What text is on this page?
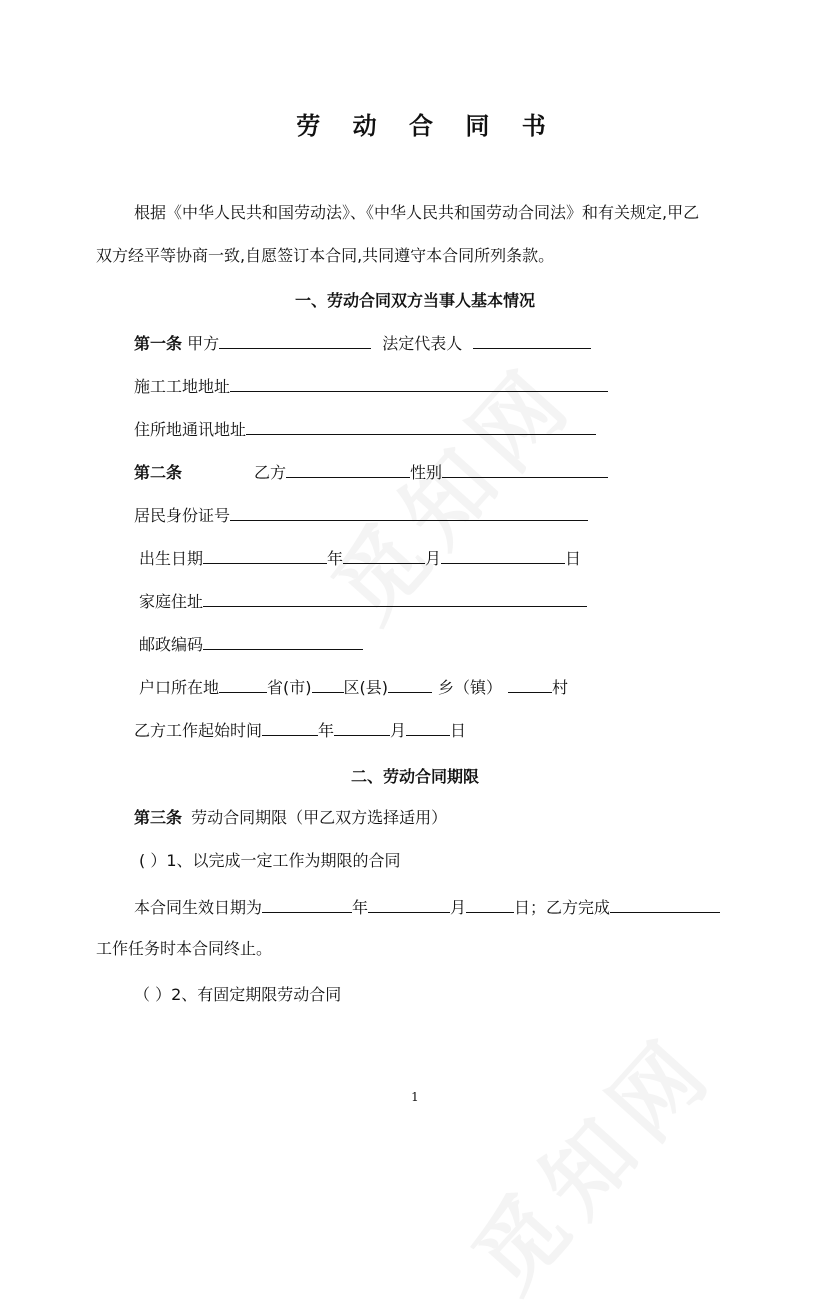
劳 动 合 同 书
根据《中华人民共和国劳动法》、《中华人民共和国劳动合同法》和有关规定,甲乙
双方经平等协商一致,自愿签订本合同,共同遵守本合同所列条款。
一、劳动合同双方当事人基本情况
第一条 甲方	法定代表人
施工工地地址
住所地通讯地址
第二条	乙方	性别
居民身份证号
出生日期	年	月	日
家庭住址
邮政编码
户口所在地	省(市) 区(县)	乡（镇）	村
乙方工作起始时间	年	月	日
二、劳动合同期限
第三条 劳动合同期限（甲乙双方选择适用）
( ）1、以完成一定工作为期限的合同
本合同生效日期为	年	月	日；乙方完成
工作任务时本合同终止。
（ ）2、有固定期限劳动合同
1
